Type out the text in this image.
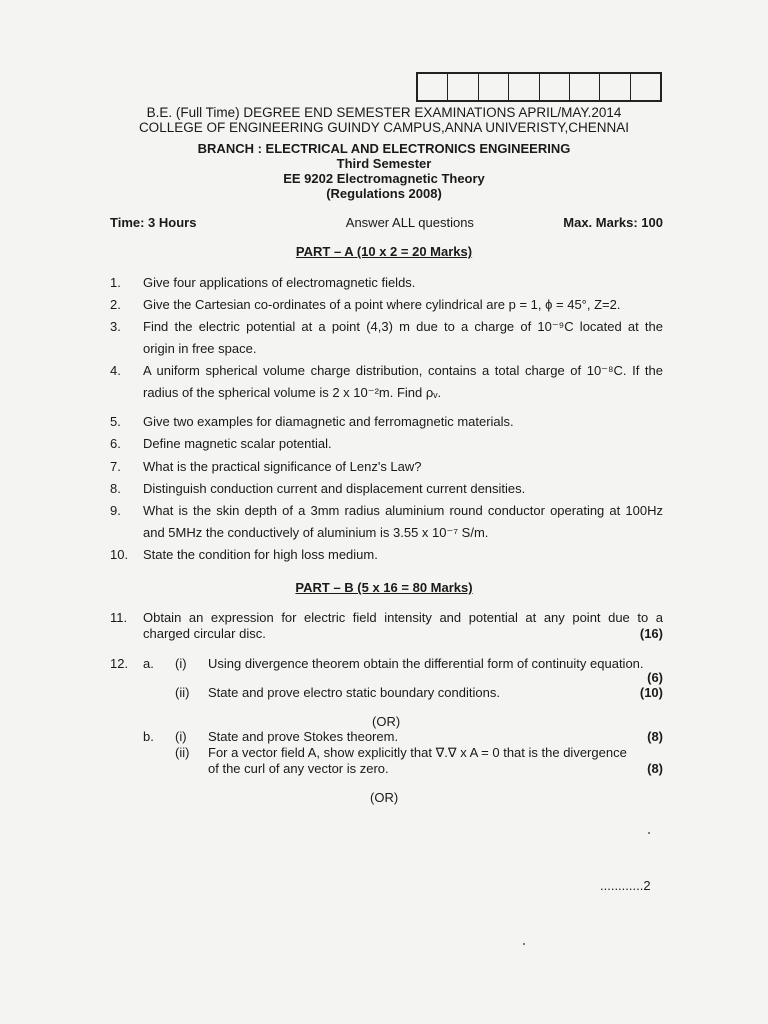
B.E. (Full Time) DEGREE END SEMESTER EXAMINATIONS APRIL/MAY.2014
COLLEGE OF ENGINEERING GUINDY CAMPUS,ANNA UNIVERISTY,CHENNAI
BRANCH : ELECTRICAL AND ELECTRONICS ENGINEERING
Third Semester
EE 9202 Electromagnetic Theory
(Regulations 2008)
Time: 3 Hours	Answer ALL questions	Max. Marks: 100
PART – A (10 x 2 = 20 Marks)
1.	Give four applications of electromagnetic fields.
2.	Give the Cartesian co-ordinates of a point where cylindrical are p = 1, ϕ = 45°, Z=2.
3.	Find the electric potential at a point (4,3) m due to a charge of 10⁻⁹C located at the
origin in free space.
4.	A uniform spherical volume charge distribution, contains a total charge of 10⁻⁸C. If the
radius of the spherical volume is 2 x 10⁻²m. Find ρᵥ.
5.	Give two examples for diamagnetic and ferromagnetic materials.
6.	Define magnetic scalar potential.
7.	What is the practical significance of Lenz's Law?
8.	Distinguish conduction current and displacement current densities.
9.	What is the skin depth of a 3mm radius aluminium round conductor operating at 100Hz
and 5MHz the conductively of aluminium is 3.55 x 10⁻⁷ S/m.
10.	State the condition for high loss medium.
PART – B (5 x 16 = 80 Marks)
11. Obtain an expression for electric field intensity and potential at any point due to a
charged circular disc.	(16)
12. a. (i) Using divergence theorem obtain the differential form of continuity equation.
(6)
(ii) State and prove electro static boundary conditions.	(10)
(OR)
b. (i) State and prove Stokes theorem.	(8)
(ii) For a vector field A, show explicitly that ∇.∇ x A = 0 that is the divergence
of the curl of any vector is zero.	(8)
(OR)
............2
